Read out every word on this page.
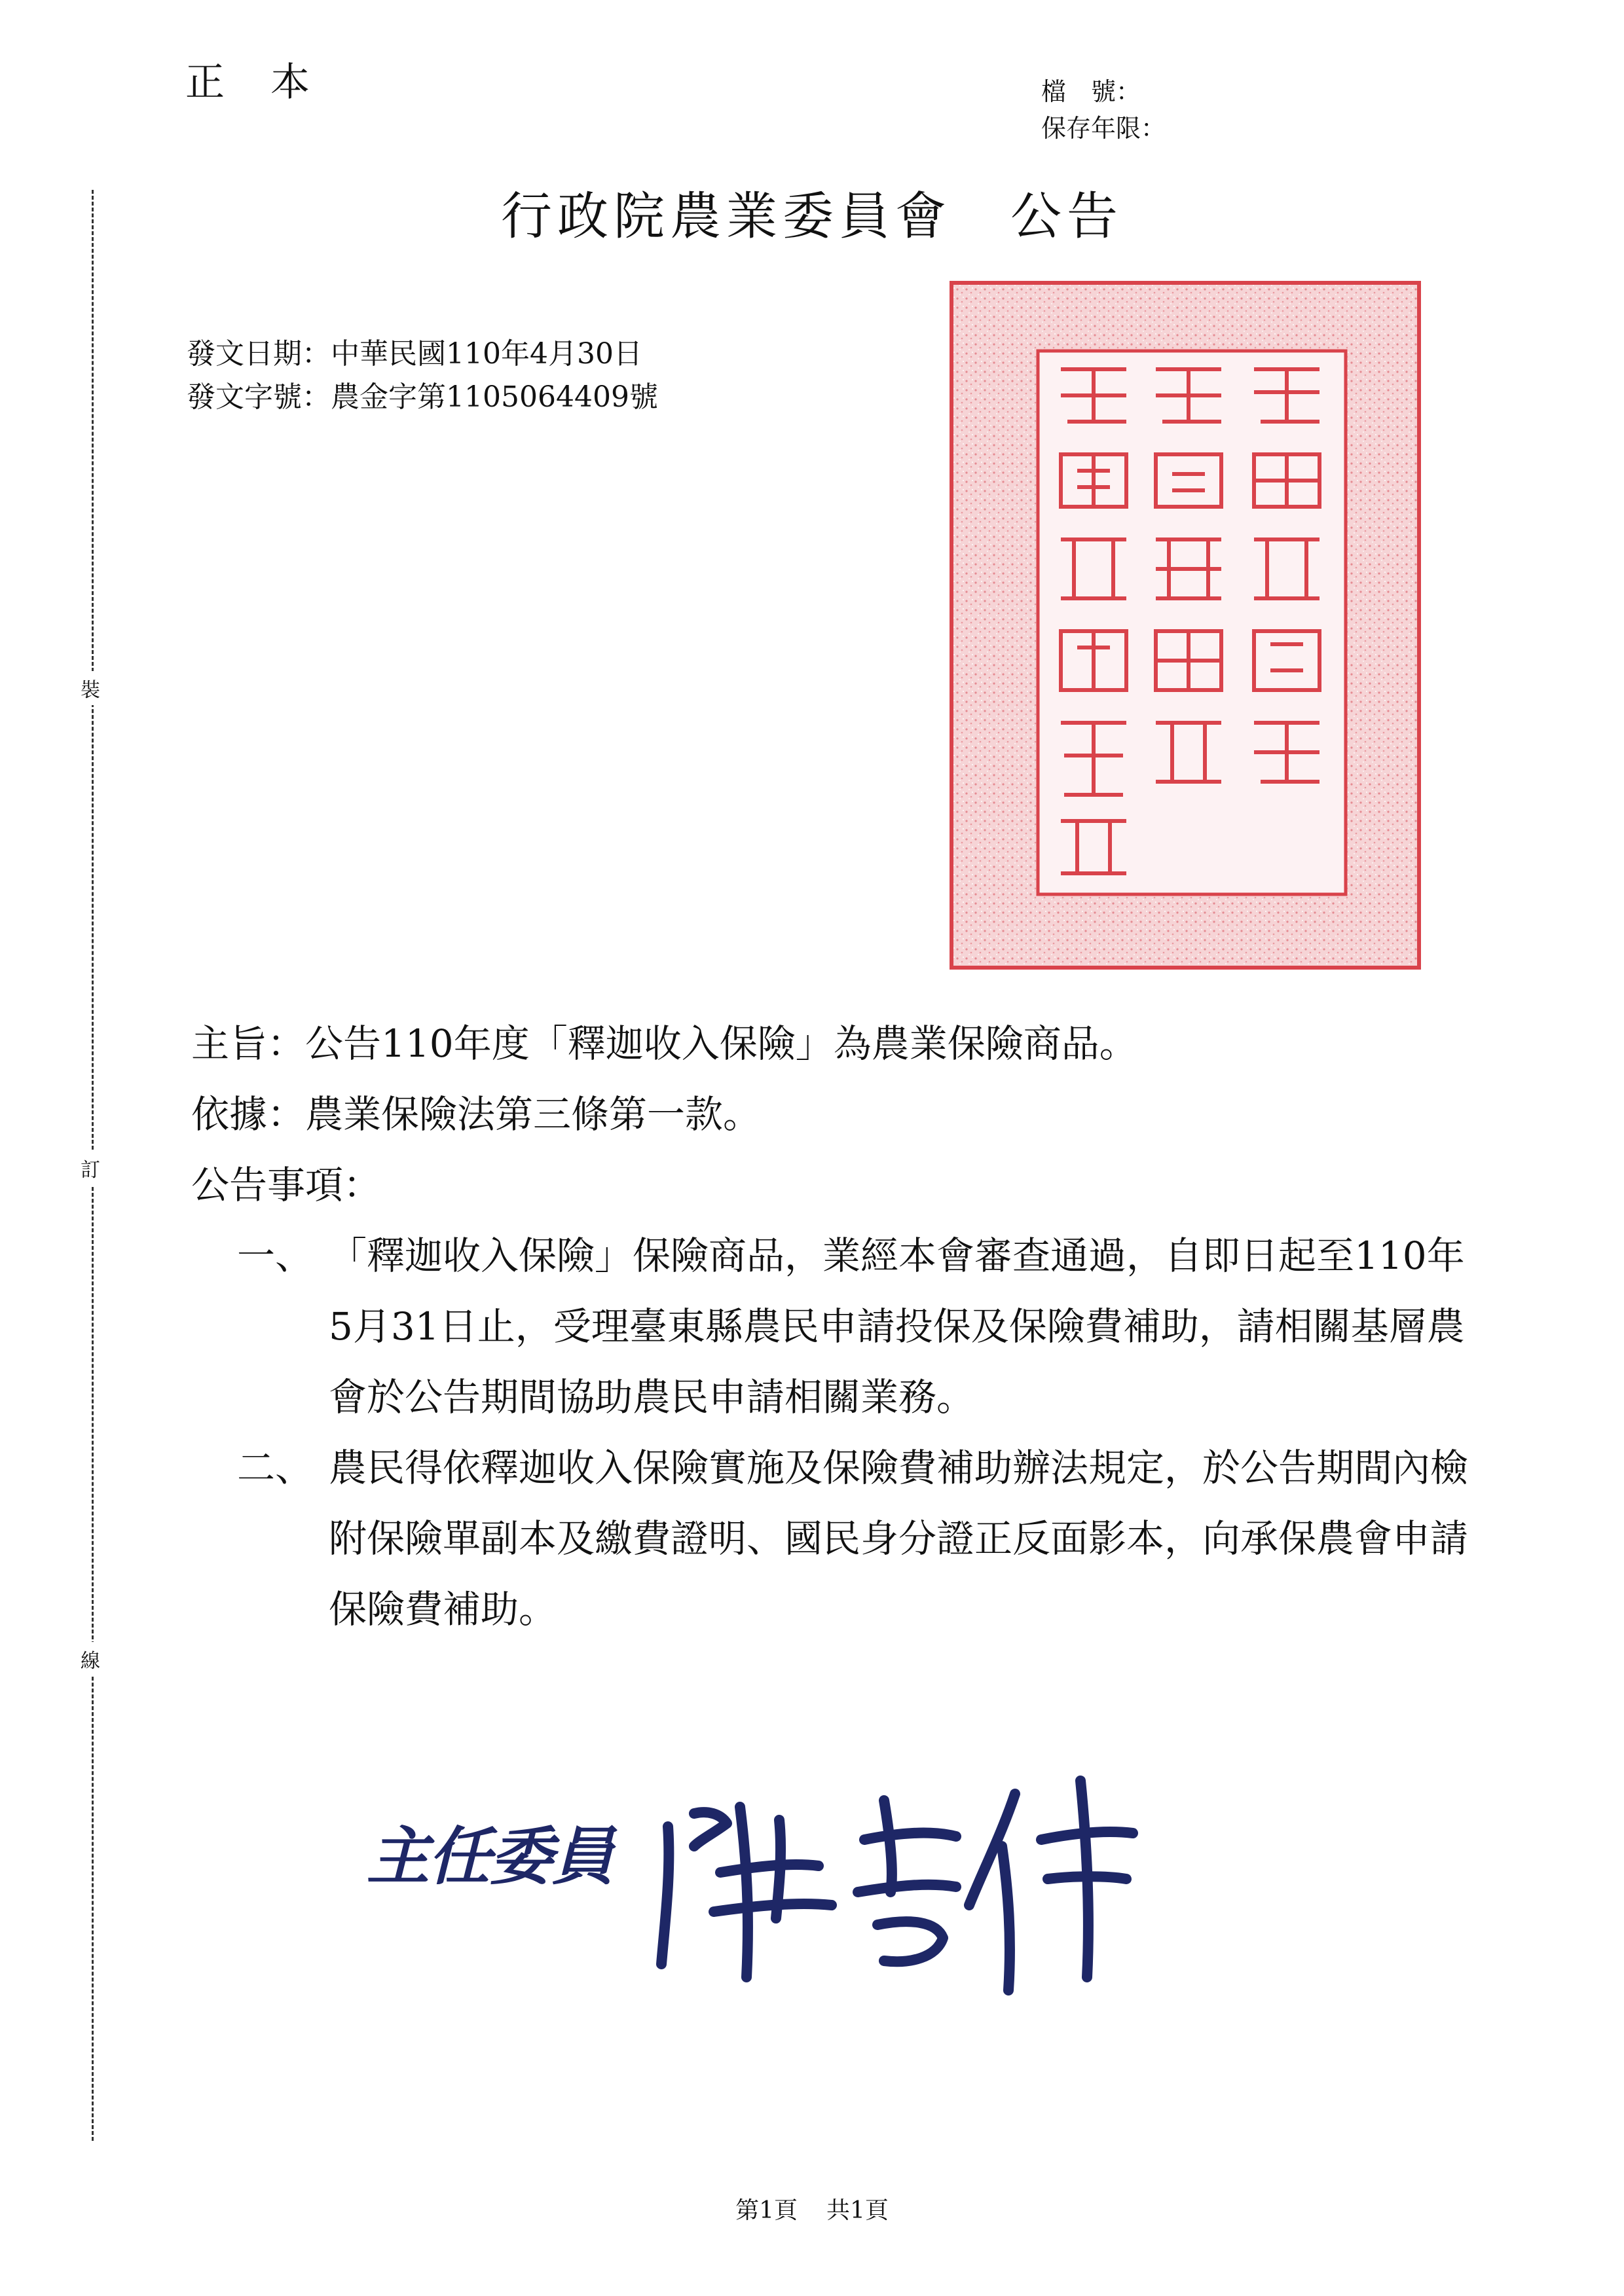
正本	檔　號：
保存年限：
行政院農業委員會 公告
發文日期：中華民國110年4月30日
發文字號：農金字第1105064409號
裝
訂
線

主旨：公告110年度「釋迦收入保險」為農業保險商品。

依據：農業保險法第三條第一款。

公告事項：

一、 「釋迦收入保險」保險商品，業經本會審查通過，自即日起至110年5月31日止，受理臺東縣農民申請投保及保險費補助，請相關基層農會於公告期間協助農民申請相關業務。
二、 農民得依釋迦收入保險實施及保險費補助辦法規定，於公告期間內檢附保險單副本及繳費證明、國民身分證正反面影本，向承保農會申請保險費補助。
主任委員
第1頁 共1頁
